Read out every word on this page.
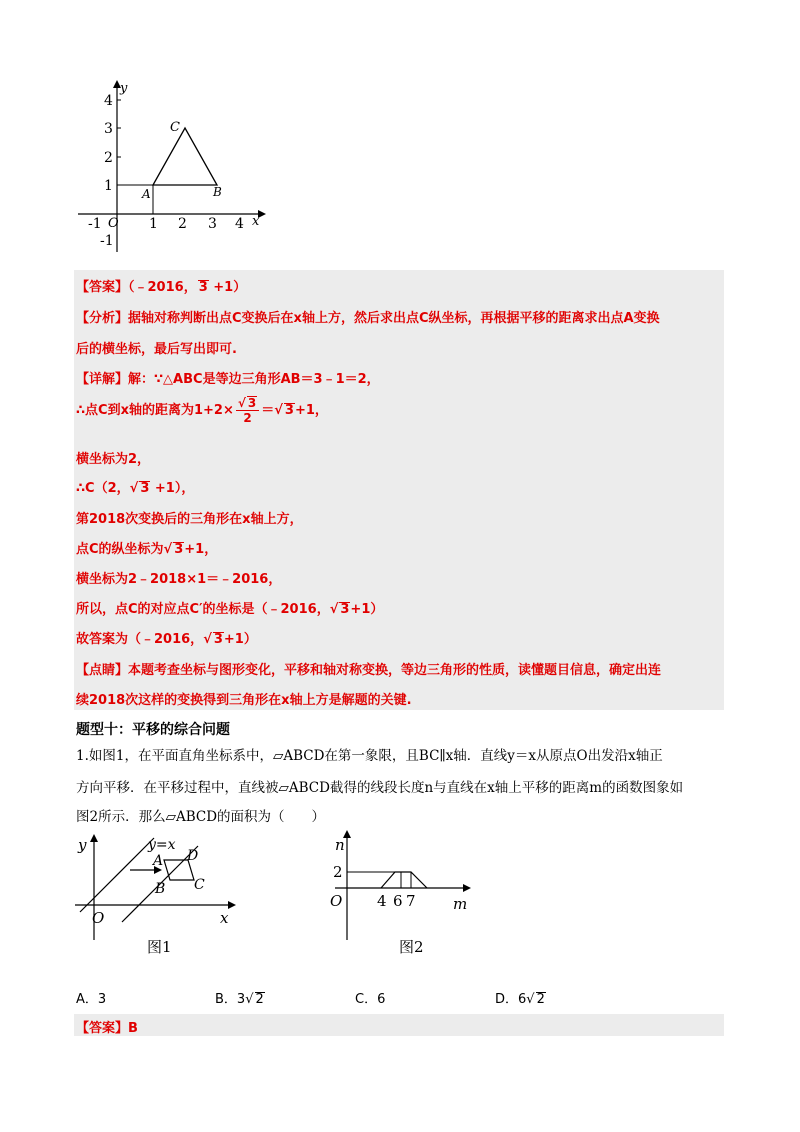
y
x
O
-1	1 2 3 4
4
3
2
1
-1
A	B
C
【答案】（﹣2016， 3 +1）
【分析】据轴对称判断出点C变换后在x轴上方，然后求出点C纵坐标，再根据平移的距离求出点A变换
后的横坐标，最后写出即可.
【详解】解：∵△ABC是等边三角形AB＝3﹣1＝2，
∴点C到x轴的距离为$1+2\times \frac{√ 3}{2}$ ＝√ 3+1，
横坐标为2，
∴C（2，√ 3 +1），
第2018次变换后的三角形在x轴上方，
点C的纵坐标为√ 3+1，
横坐标为2﹣2018×1＝﹣2016，
所以，点C的对应点C′的坐标是（﹣2016，√ 3+1）
故答案为（﹣2016，√ 3+1）
【点睛】本题考查坐标与图形变化，平移和轴对称变换，等边三角形的性质，读懂题目信息，确定出连
续2018次这样的变换得到三角形在x轴上方是解题的关键.
题型十：平移的综合问题
1.如图1，在平面直角坐标系中，▱ABCD在第一象限，且BC∥x轴．直线y＝x从原点O出发沿x轴正
方向平移．在平移过程中，直线被▱ABCD截得的线段长度n与直线在x轴上平移的距离m的函数图象如
图2所示．那么▱ABCD的面积为（　　）
y
x
O
y=x
A
B C
D
图1
n
m
O
2
4 6 7
图2
A．3	B．3√ 2	C．6	D．6√ 2
【答案】B
